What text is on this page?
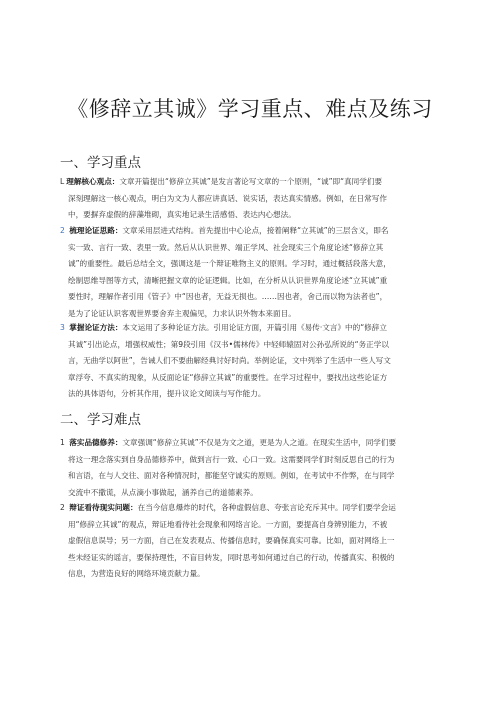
《修辞立其诚》学习重点、难点及练习
一、学习重点
L 理解核心观点：文章开篇提出“修辞立其诚”是发言著论写文章的一个原则，“诚”即“真同学们要
深刻理解这一核心观点，明白为文为人都应讲真话、说实话，表达真实情感。例如，在日常写作
中，要摒弃虚假的辞藻堆砌，真实地记录生活感悟、表达内心想法。
2 梳理论证思路：文章采用层进式结构。首先提出中心论点，接着阐释“立其诚”的三层含义，即名
实一致、言行一致、表里一致。然后从认识世界、端正学风、社会现实三个角度论述“修辞立其
诚”的重要性。最后总结全文，强调这是一个辩证唯物主义的原则。学习时，通过概括段落大意，
绘制思维导图等方式，清晰把握文章的论证逻辑。比如，在分析从认识世界角度论述“立其诚”重
要性时，理解作者引用《管子》中“因也者，无益无损也。……因也者，舍己而以物为法者也”，
是为了论证认识客观世界要舍弃主观偏见，力求认识外物本来面目。
3 掌握论证方法：本文运用了多种论证方法。引用论证方面，开篇引用《易传·文言》中的“修辞立
其诚”引出论点，增强权威性；第9段引用《汉书•儒林传》中轻师辕固对公孙弘所说的“务正学以
言，无曲学以阿世”，告诫人们不要曲解经典讨好时尚。举例论证，文中列举了生活中一些人写文
章浮夸、不真实的现象，从反面论证“修辞立其诚”的重要性。在学习过程中，要找出这些论证方
法的具体语句，分析其作用，提升议论文阅读与写作能力。
二、学习难点
1 落实品德修养：文章强调“修辞立其诚”不仅是为文之道，更是为人之道。在现实生活中，同学们要
将这一理念落实到自身品德修养中，做到言行一致、心口一致。这需要同学们时刻反思自己的行为
和言语，在与人交往、面对各种情况时，都能坚守诚实的原则。例如，在考试中不作弊，在与同学
交流中不撒谎，从点滴小事做起，涵养自己的道德素养。
2 辩证看待现实问题：在当今信息爆炸的时代，各种虚假信息、夸张言论充斥其中。同学们要学会运
用“修辞立其诚”的观点，辩证地看待社会现象和网络言论。一方面，要提高自身辨别能力，不被
虚假信息误导；另一方面，自己在发表观点、传播信息时，要确保真实可靠。比如，面对网络上一
些未经证实的谣言，要保持理性，不盲目转发，同时思考如何通过自己的行动，传播真实、积极的
信息，为营造良好的网络环境贡献力量。
